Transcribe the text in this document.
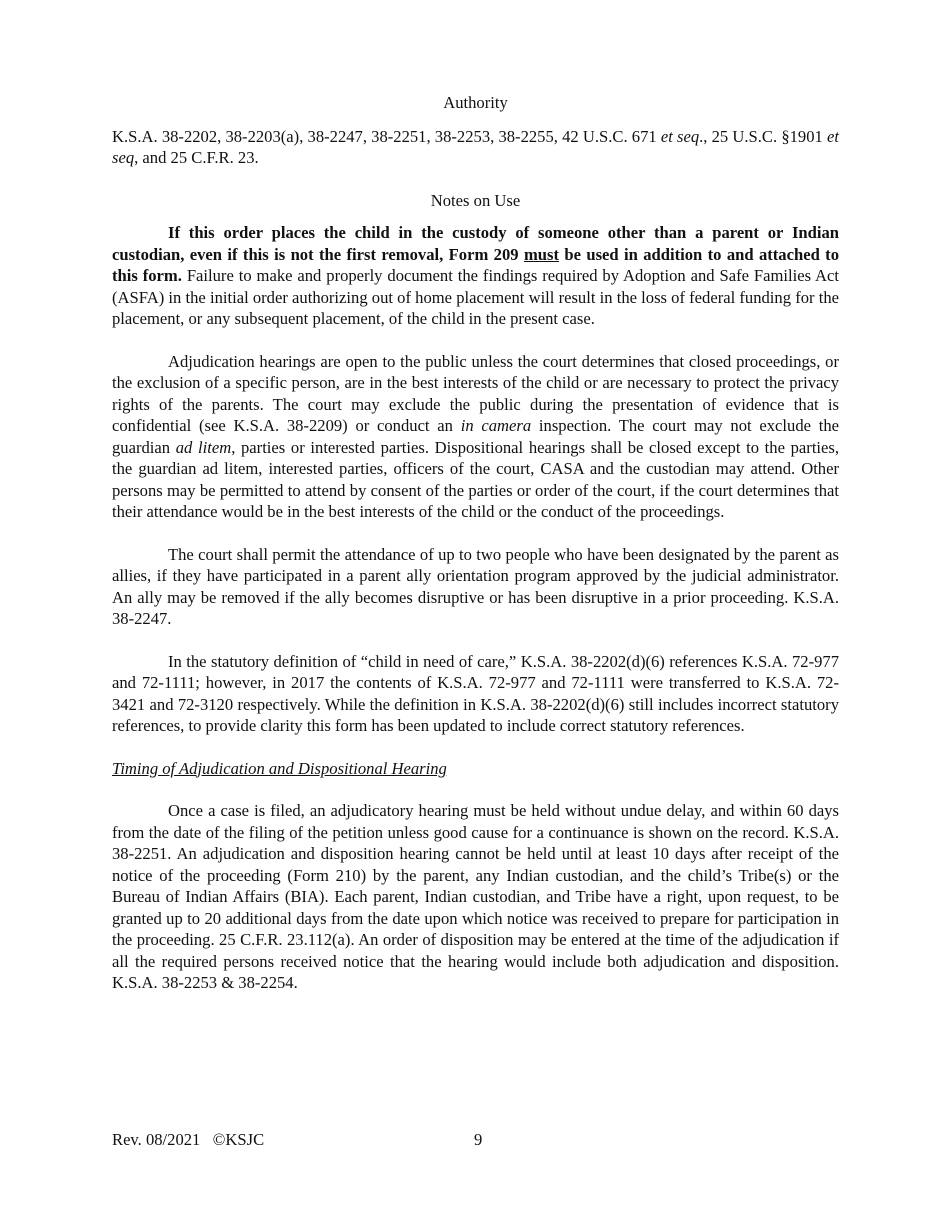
Authority

K.S.A. 38-2202, 38-2203(a), 38-2247, 38-2251, 38-2253, 38-2255, 42 U.S.C. 671 et seq., 25 U.S.C. §1901 et seq, and 25 C.F.R. 23.

Notes on Use

If this order places the child in the custody of someone other than a parent or Indian custodian, even if this is not the first removal, Form 209 must be used in addition to and attached to this form. Failure to make and properly document the findings required by Adoption and Safe Families Act (ASFA) in the initial order authorizing out of home placement will result in the loss of federal funding for the placement, or any subsequent placement, of the child in the present case.

Adjudication hearings are open to the public unless the court determines that closed proceedings, or the exclusion of a specific person, are in the best interests of the child or are necessary to protect the privacy rights of the parents. The court may exclude the public during the presentation of evidence that is confidential (see K.S.A. 38-2209) or conduct an in camera inspection. The court may not exclude the guardian ad litem, parties or interested parties. Dispositional hearings shall be closed except to the parties, the guardian ad litem, interested parties, officers of the court, CASA and the custodian may attend. Other persons may be permitted to attend by consent of the parties or order of the court, if the court determines that their attendance would be in the best interests of the child or the conduct of the proceedings.

The court shall permit the attendance of up to two people who have been designated by the parent as allies, if they have participated in a parent ally orientation program approved by the judicial administrator. An ally may be removed if the ally becomes disruptive or has been disruptive in a prior proceeding. K.S.A. 38-2247.

In the statutory definition of “child in need of care,” K.S.A. 38-2202(d)(6) references K.S.A. 72-977 and 72-1111; however, in 2017 the contents of K.S.A. 72-977 and 72-1111 were transferred to K.S.A. 72-3421 and 72-3120 respectively. While the definition in K.S.A. 38-2202(d)(6) still includes incorrect statutory references, to provide clarity this form has been updated to include correct statutory references.

Timing of Adjudication and Dispositional Hearing

Once a case is filed, an adjudicatory hearing must be held without undue delay, and within 60 days from the date of the filing of the petition unless good cause for a continuance is shown on the record. K.S.A. 38-2251. An adjudication and disposition hearing cannot be held until at least 10 days after receipt of the notice of the proceeding (Form 210) by the parent, any Indian custodian, and the child’s Tribe(s) or the Bureau of Indian Affairs (BIA). Each parent, Indian custodian, and Tribe have a right, upon request, to be granted up to 20 additional days from the date upon which notice was received to prepare for participation in the proceeding. 25 C.F.R. 23.112(a). An order of disposition may be entered at the time of the adjudication if all the required persons received notice that the hearing would include both adjudication and disposition. K.S.A. 38-2253 & 38-2254.

Rev. 08/2021   ©KSJC	9
